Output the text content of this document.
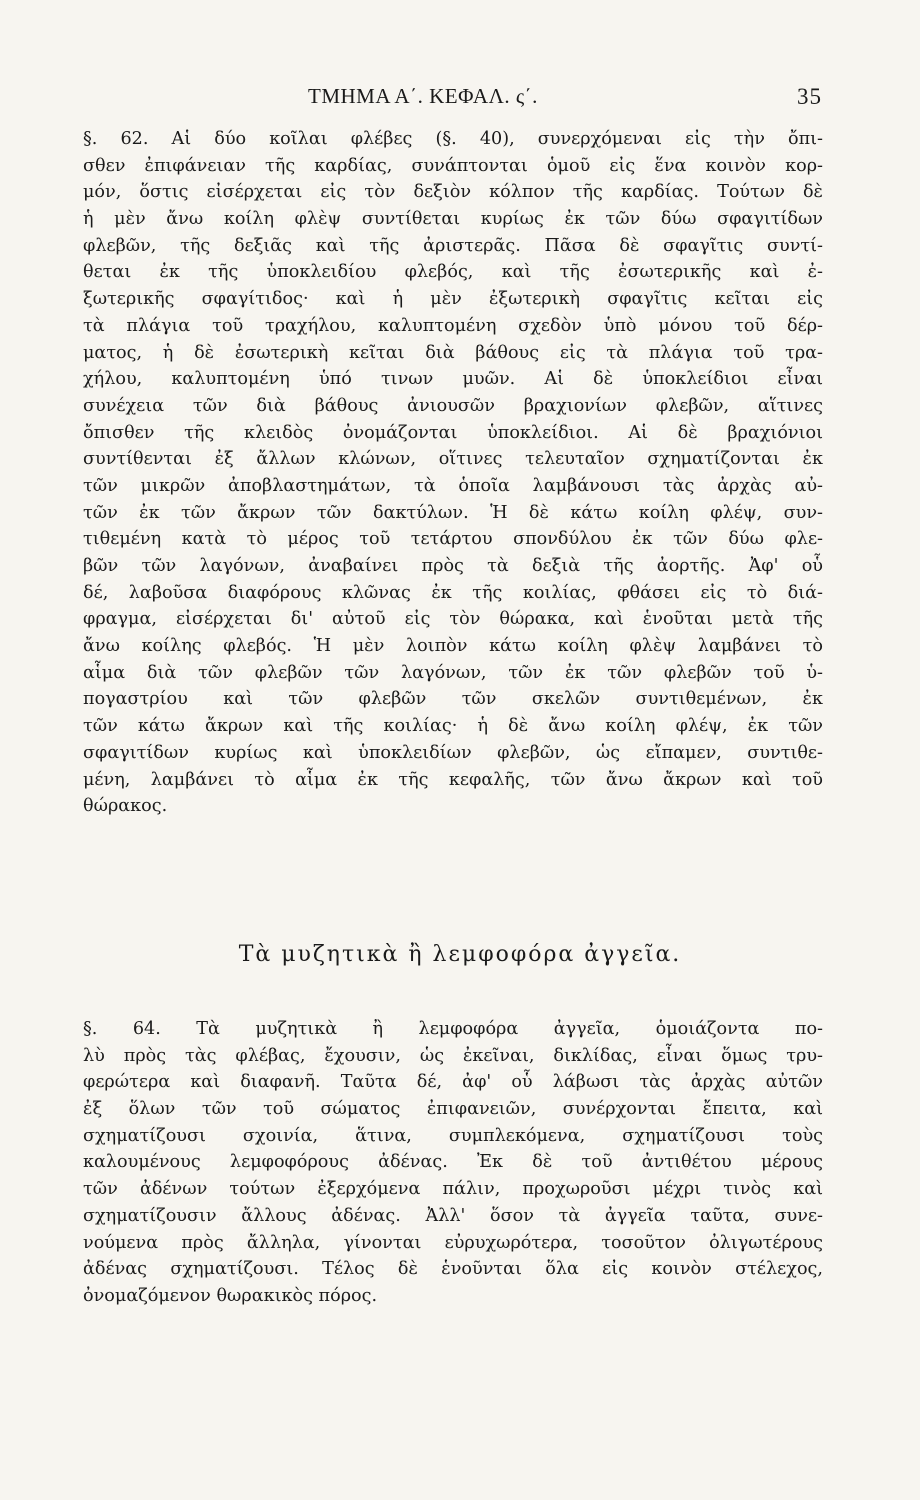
ΤΜΗΜΑ Α΄. ΚΕΦΑΛ. ς΄.	35
§. 62. Αἱ δύο κοῖλαι φλέβες (§. 40), συνερχόμεναι εἰς τὴν ὄπι-
σθεν ἐπιφάνειαν τῆς καρδίας, συνάπτονται ὁμοῦ εἰς ἕνα κοινὸν κορ-
μόν, ὅστις εἰσέρχεται εἰς τὸν δεξιὸν κόλπον τῆς καρδίας. Τούτων δὲ
ἡ μὲν ἄνω κοίλη φλὲψ συντίθεται κυρίως ἐκ τῶν δύω σφαγιτίδων
φλεβῶν, τῆς δεξιᾶς καὶ τῆς ἀριστερᾶς. Πᾶσα δὲ σφαγῖτις συντί-
θεται ἐκ τῆς ὑποκλειδίου φλεβός, καὶ τῆς ἐσωτερικῆς καὶ ἐ-
ξωτερικῆς σφαγίτιδος· καὶ ἡ μὲν ἐξωτερικὴ σφαγῖτις κεῖται εἰς
τὰ πλάγια τοῦ τραχήλου, καλυπτομένη σχεδὸν ὑπὸ μόνου τοῦ δέρ-
ματος, ἡ δὲ ἐσωτερικὴ κεῖται διὰ βάθους εἰς τὰ πλάγια τοῦ τρα-
χήλου, καλυπτομένη ὑπό τινων μυῶν. Αἱ δὲ ὑποκλείδιοι εἶναι
συνέχεια τῶν διὰ βάθους ἀνιουσῶν βραχιονίων φλεβῶν, αἵτινες
ὄπισθεν τῆς κλειδὸς ὀνομάζονται ὑποκλείδιοι. Αἱ δὲ βραχιόνιοι
συντίθενται ἐξ ἄλλων κλώνων, οἵτινες τελευταῖον σχηματίζονται ἐκ
τῶν μικρῶν ἀποβλαστημάτων, τὰ ὁποῖα λαμβάνουσι τὰς ἀρχὰς αὐ-
τῶν ἐκ τῶν ἄκρων τῶν δακτύλων. Ἡ δὲ κάτω κοίλη φλέψ, συν-
τιθεμένη κατὰ τὸ μέρος τοῦ τετάρτου σπονδύλου ἐκ τῶν δύω φλε-
βῶν τῶν λαγόνων, ἀναβαίνει πρὸς τὰ δεξιὰ τῆς ἀορτῆς. Ἀφ' οὗ
δέ, λαβοῦσα διαφόρους κλῶνας ἐκ τῆς κοιλίας, φθάσει εἰς τὸ διά-
φραγμα, εἰσέρχεται δι' αὐτοῦ εἰς τὸν θώρακα, καὶ ἑνοῦται μετὰ τῆς
ἄνω κοίλης φλεβός. Ἡ μὲν λοιπὸν κάτω κοίλη φλὲψ λαμβάνει τὸ
αἷμα διὰ τῶν φλεβῶν τῶν λαγόνων, τῶν ἐκ τῶν φλεβῶν τοῦ ὑ-
πογαστρίου καὶ τῶν φλεβῶν τῶν σκελῶν συντιθεμένων, ἐκ
τῶν κάτω ἄκρων καὶ τῆς κοιλίας· ἡ δὲ ἄνω κοίλη φλέψ, ἐκ τῶν
σφαγιτίδων κυρίως καὶ ὑποκλειδίων φλεβῶν, ὡς εἴπαμεν, συντιθε-
μένη, λαμβάνει τὸ αἷμα ἐκ τῆς κεφαλῆς, τῶν ἄνω ἄκρων καὶ τοῦ
θώρακος.
Τὰ μυζητικὰ ἢ λεμφοφόρα ἀγγεῖα.
§. 64. Τὰ μυζητικὰ ἢ λεμφοφόρα ἀγγεῖα, ὁμοιάζοντα πο-
λὺ πρὸς τὰς φλέβας, ἔχουσιν, ὡς ἐκεῖναι, δικλίδας, εἶναι ὅμως τρυ-
φερώτερα καὶ διαφανῆ. Ταῦτα δέ, ἀφ' οὗ λάβωσι τὰς ἀρχὰς αὐτῶν
ἐξ ὅλων τῶν τοῦ σώματος ἐπιφανειῶν, συνέρχονται ἔπειτα, καὶ
σχηματίζουσι σχοινία, ἅτινα, συμπλεκόμενα, σχηματίζουσι τοὺς
καλουμένους λεμφοφόρους ἀδένας. Ἐκ δὲ τοῦ ἀντιθέτου μέρους
τῶν ἀδένων τούτων ἐξερχόμενα πάλιν, προχωροῦσι μέχρι τινὸς καὶ
σχηματίζουσιν ἄλλους ἀδένας. Ἀλλ' ὅσον τὰ ἀγγεῖα ταῦτα, συνε-
νούμενα πρὸς ἄλληλα, γίνονται εὐρυχωρότερα, τοσοῦτον ὀλιγωτέρους
ἀδένας σχηματίζουσι. Τέλος δὲ ἑνοῦνται ὅλα εἰς κοινὸν στέλεχος,
ὀνομαζόμενον θωρακικὸς πόρος.
